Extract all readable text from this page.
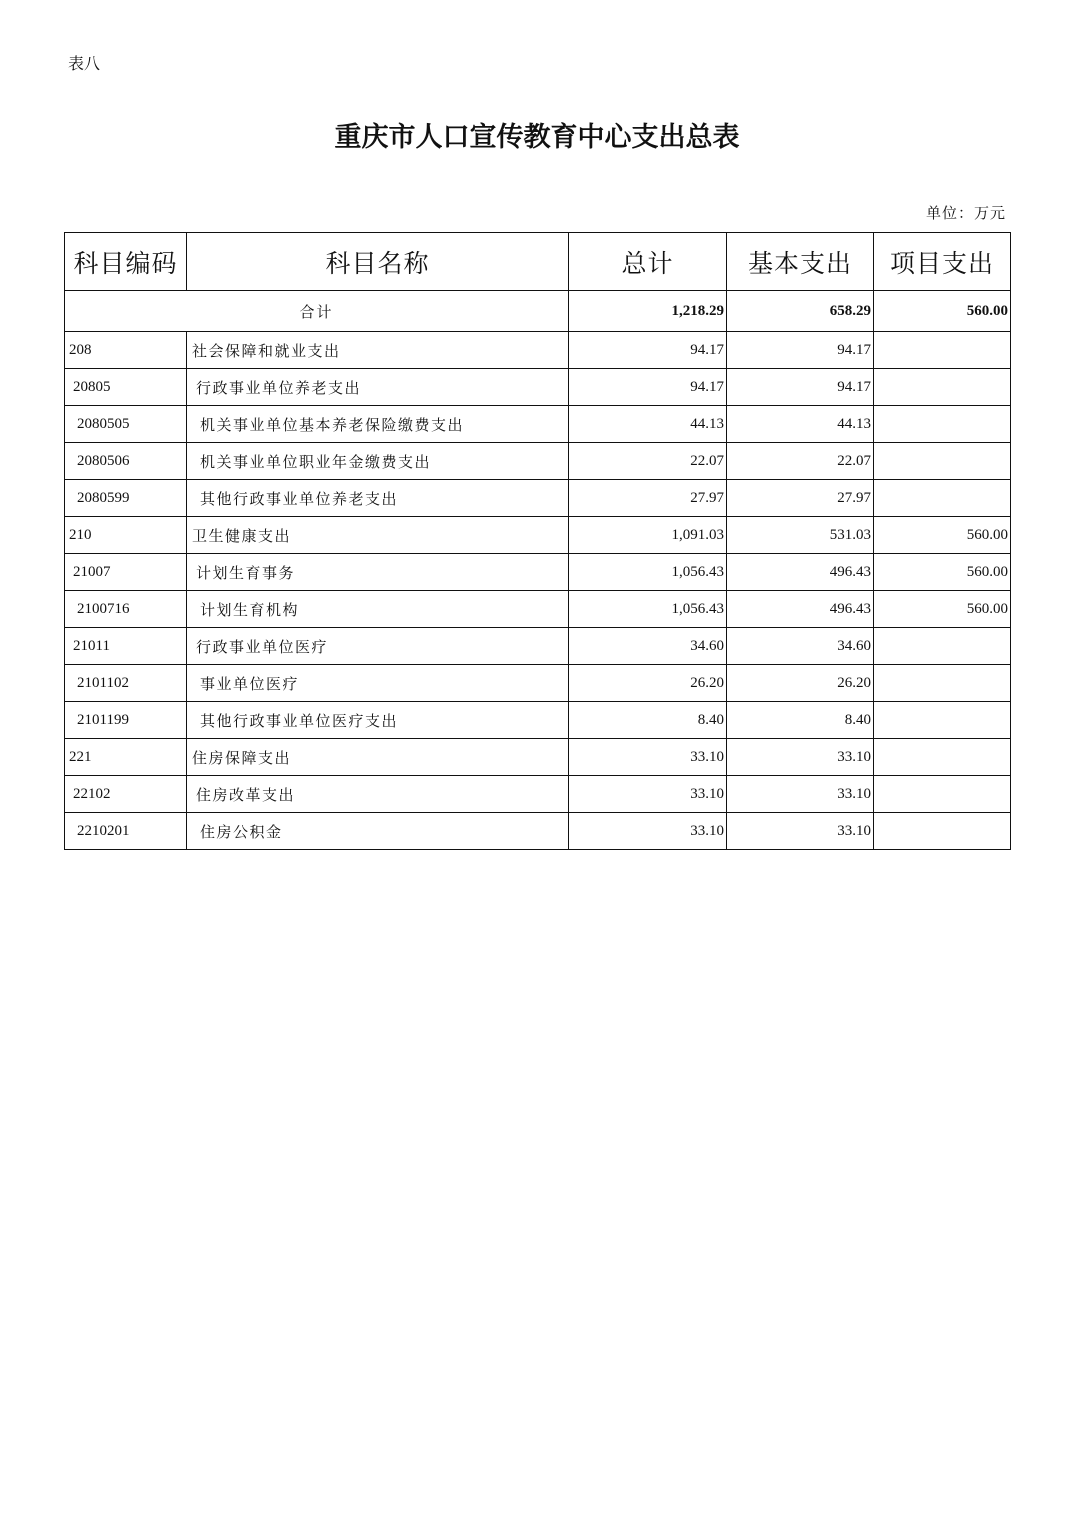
表八
重庆市人口宣传教育中心支出总表
单位：万元
科目编码	科目名称	总计	基本支出	项目支出
合计		1,218.29	658.29	560.00
208	社会保障和就业支出	94.17	94.17	
20805	行政事业单位养老支出	94.17	94.17	
2080505	机关事业单位基本养老保险缴费支出	44.13	44.13	
2080506	机关事业单位职业年金缴费支出	22.07	22.07	
2080599	其他行政事业单位养老支出	27.97	27.97	
210	卫生健康支出	1,091.03	531.03	560.00
21007	计划生育事务	1,056.43	496.43	560.00
2100716	计划生育机构	1,056.43	496.43	560.00
21011	行政事业单位医疗	34.60	34.60	
2101102	事业单位医疗	26.20	26.20	
2101199	其他行政事业单位医疗支出	8.40	8.40	
221	住房保障支出	33.10	33.10	
22102	住房改革支出	33.10	33.10	
2210201	住房公积金	33.10	33.10	
